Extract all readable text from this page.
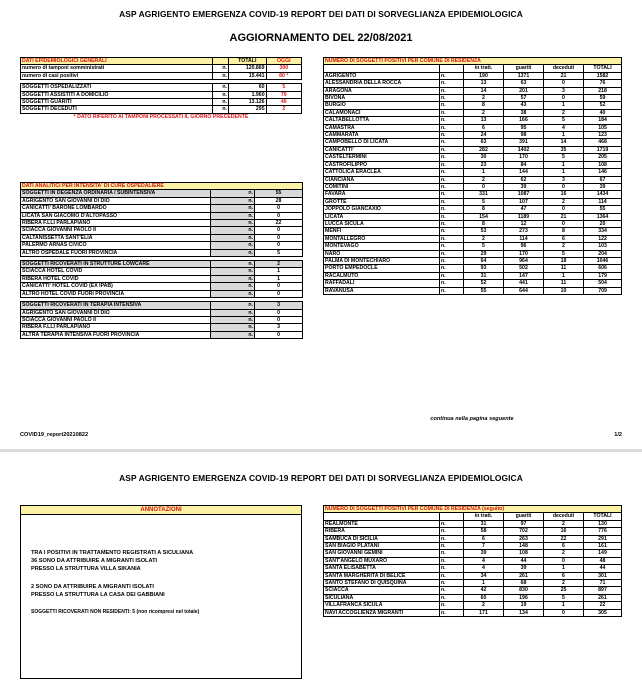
ASP AGRIGENTO EMERGENZA COVID-19 REPORT DEI DATI DI SORVEGLIANZA EPIDEMIOLOGICA
AGGIORNAMENTO DEL 22/08/2021
DATI EPIDEMIOLOGICI GENERALI		TOTALI	OGGI
numero di tamponi somministrati	n.	120.869	300
numero di casi positivi	n.	15.441	80 *

SOGGETTI OSPEDALIZZATI	n.	60	5
SOGGETTI ASSISTITI A DOMICILIO	n.	1.960	79
SOGGETTI GUARITI	n.	13.126	46
SOGGETTI DECEDUTI	n.	295	2
* DATO RIFERITO AI TAMPONI PROCESSATI IL GIORNO PRECEDENTE			
DATI ANALITICI PER INTENSITA' DI CURE OSPEDALIERE		
SOGGETTI IN DEGENZA ORDINARIA / SUBINTENSIVA	n.	55
AGRIGENTO SAN GIOVANNI DI DIO	n.	28
CANICATTI' BARONE LOMBARDO	n.	0
LICATA SAN GIACOMO D'ALTOPASSO	n.	0
RIBERA F.LLI PARLAPIANO	n.	22
SCIACCA GIOVANNI PAOLO II	n.	0
CALTANISSETTA SANT'ELIA	n.	0
PALERMO ARNAS CIVICO	n.	0
ALTRO OSPEDALE FUORI PROVINCIA	n.	5

SOGGETTI RICOVERATI IN STRUTTURE LOWCARE	n.	2
SCIACCA HOTEL COVID	n.	1
RIBERA HOTEL COVID	n.	1
CANICATTI' HOTEL COVID (EX IPAB)	n.	0
ALTRO HOTEL COVID FUORI PROVINCIA	n.	0

SOGGETTI RICOVERATI IN TERAPIA INTENSIVA	n.	3
AGRIGENTO SAN GIOVANNI DI DIO	n.	0
SCIACCA GIOVANNI PAOLO II	n.	0
RIBERA F.LLI PARLAPIANO	n.	3
ALTRA TERAPIA INTENSIVA FUORI PROVINCIA	n.	0
NUMERO DI SOGGETTI POSITIVI PER COMUNE DI RESIDENZA					
		in tratt.	guariti	deceduti	TOTALI
AGRIGENTO	n.	190	1371	21	1582
ALESSANDRIA DELLA ROCCA	n.	13	63	0	76
ARAGONA	n.	14	201	3	218
BIVONA	n.	2	57	0	59
BURGIO	n.	8	43	1	52
CALAMONACI	n.	2	38	2	40
CALTABELLOTTA	n.	13	166	5	184
CAMASTRA	n.	6	95	4	105
CAMMARATA	n.	24	98	1	123
CAMPOBELLO DI LICATA	n.	63	391	14	468
CANICATTI'	n.	282	1402	35	1719
CASTELTERMINI	n.	30	170	5	205
CASTROFILIPPO	n.	23	84	1	108
CATTOLICA ERACLEA	n.	1	144	1	146
CIANCIANA	n.	2	62	3	67
COMITINI	n.	0	39	0	39
FAVARA	n.	331	1087	16	1434
GROTTE	n.	5	107	2	114
JOPPOLO GIANCAXIO	n.	8	47	0	55
LICATA	n.	154	1189	21	1364
LUCCA SICULA	n.	8	12	0	20
MENFI	n.	53	273	8	334
MONTALLEGRO	n.	2	114	6	122
MONTEVAGO	n.	5	96	2	103
NARO	n.	29	170	5	204
PALMA DI MONTECHIARO	n.	64	964	18	1046
PORTO EMPEDOCLE	n.	93	502	11	606
RACALMUTO	n.	31	147	1	179
RAFFADALI	n.	52	441	11	504
RAVANUSA	n.	55	644	10	709
continua nella pagina seguente
COVID19_report20210822	1/2
ASP AGRIGENTO EMERGENZA COVID-19 REPORT DEI DATI DI SORVEGLIANZA EPIDEMIOLOGICA
ANNOTAZIONI

TRA I POSITIVI IN TRATTAMENTO REGISTRATI A SICULIANA
36 SONO DA ATTRIBUIRE A MIGRANTI ISOLATI
PRESSO LA STRUTTURA VILLA SIKANIA

2 SONO DA ATTRIBUIRE A MIGRANTI ISOLATI
PRESSO LA STRUTTURA LA CASA DEI GABBIANI

SOGGETTI RICOVERATI NON RESIDENTI: 5 (non ricompresi nel totale)

NUMERO DI SOGGETTI POSITIVI PER COMUNE DI RESIDENZA (seguito)					
		in tratt.	guariti	deceduti	TOTALI
REALMONTE	n.	31	97	2	130
RIBERA	n.	58	702	16	776
SAMBUCA DI SICILIA	n.	6	263	22	291
SAN BIAGIO PLATANI	n.	7	148	6	161
SAN GIOVANNI GEMINI	n.	39	108	2	149
SANT'ANGELO MUXARO	n.	4	44	0	48
SANTA ELISABETTA	n.	4	39	1	44
SANTA MARGHERITA DI BELICE	n.	34	261	6	301
SANTO STEFANO DI QUISQUINA	n.	1	68	2	71
SCIACCA	n.	42	830	25	897
SICULIANA	n.	60	196	5	261
VILLAFRANCA SICULA	n.	2	19	1	22
NAVI ACCOGLIENZA MIGRANTI	n.	171	134	0	305
